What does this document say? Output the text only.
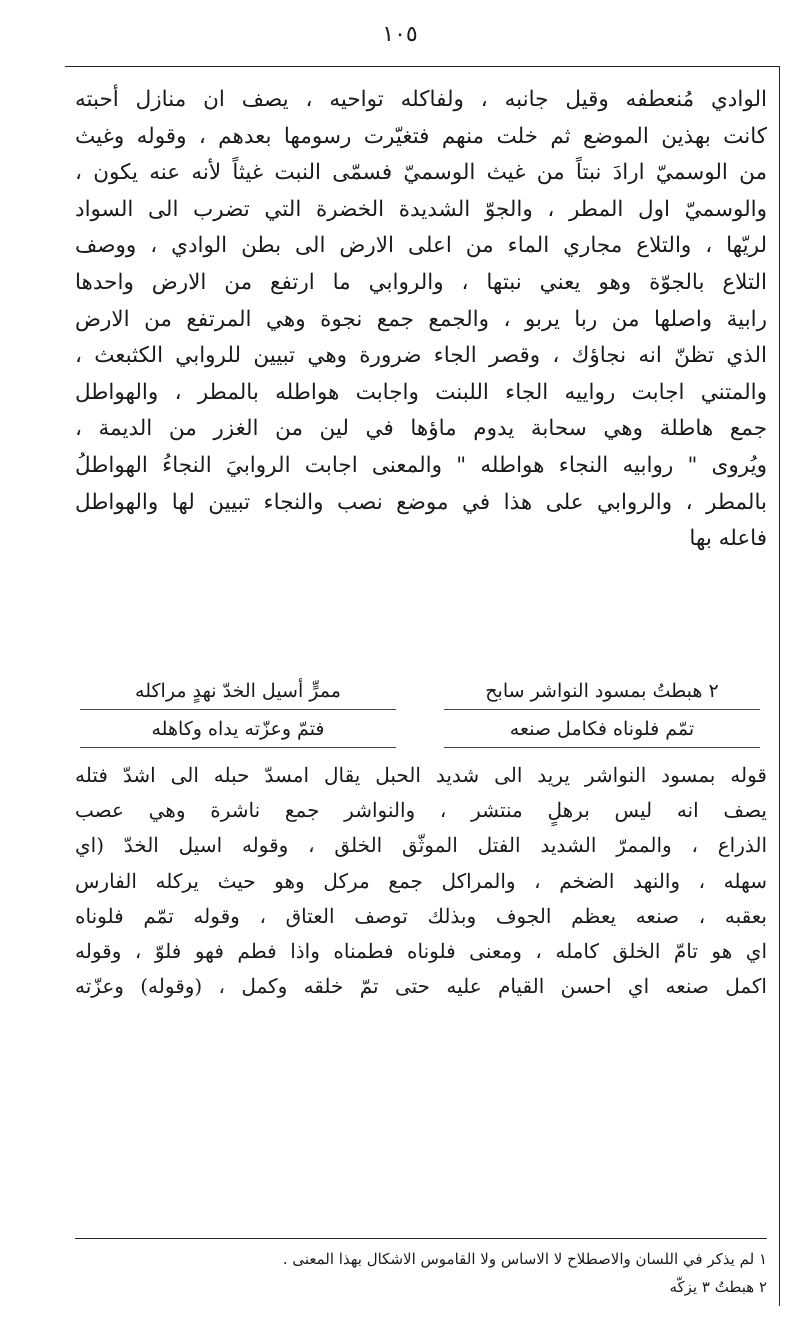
١٠٥
الوادي مُنعطفه وقيل جانبه ، ولفاكله تواحيه ، يصف ان منازل أحبته
كانت بهذين الموضع ثم خلت منهم فتغيّرت رسومها بعدهم ، وقوله وغيث
من الوسميّ ارادَ نبتاً من غيث الوسميّ فسمّى النبت غيثاً لأنه عنه يكون ،
والوسميّ اول المطر ، والجوّ الشديدة الخضرة التي تضرب الى السواد
لريّها ، والتلاع مجاري الماء من اعلى الارض الى بطن الوادي ، ووصف
التلاع بالجوّة وهو يعني نبتها ، والروابي ما ارتفع من الارض واحدها
رابية واصلها من ربا يربو ، والجمع جمع نجوة وهي المرتفع من الارض
الذي تظنّ انه نجاؤك ، وقصر الجاء ضرورة وهي تبيين للروابي الكثبعث ،
والمتني اجابت رواييه الجاء اللبنت واجابت هواطله بالمطر ، والهواطل
جمع هاطلة وهي سحابة يدوم ماؤها في لين من الغزر من الديمة ،
ويُروى " روابيه النجاء هواطله " والمعنى اجابت الروابيَ النجاءُ الهواطلُ
بالمطر ، والروابي على هذا في موضع نصب والنجاء تبيين لها والهواطل
فاعله بها
٢ هبطتُ بمسود النواشر سابح
ممرٍّ أسيل الخدّ نهدٍ مراكله
تمّم فلوناه فكامل صنعه
فتمّ وعزّته يداه وكاهله
قوله بمسود النواشر يريد الى شديد الحبل يقال امسدّ حبله الى اشدّ فتله
يصف انه ليس برهلٍ منتشر ، والنواشر جمع ناشرة وهي عصب
الذراع ، والممرّ الشديد الفتل الموثّق الخلق ، وقوله اسيل الخدّ (اي
سهله ، والنهد الضخم ، والمراكل جمع مركل وهو حيث يركله الفارس
بعقبه ، صنعه يعظم الجوف وبذلك توصف العتاق ، وقوله تمّم فلوناه
اي هو تامّ الخلق كامله ، ومعنى فلوناه فطمناه واذا فطم فهو فلوّ ، وقوله
اكمل صنعه اي احسن القيام عليه حتى تمّ خلقه وكمل ، (وقوله) وعزّته
١ لم يذكر في اللسان والاصطلاح لا الاساس ولا القاموس الاشكال بهذا المعنى .
٢ هبطتُ ٣ يزكّه
